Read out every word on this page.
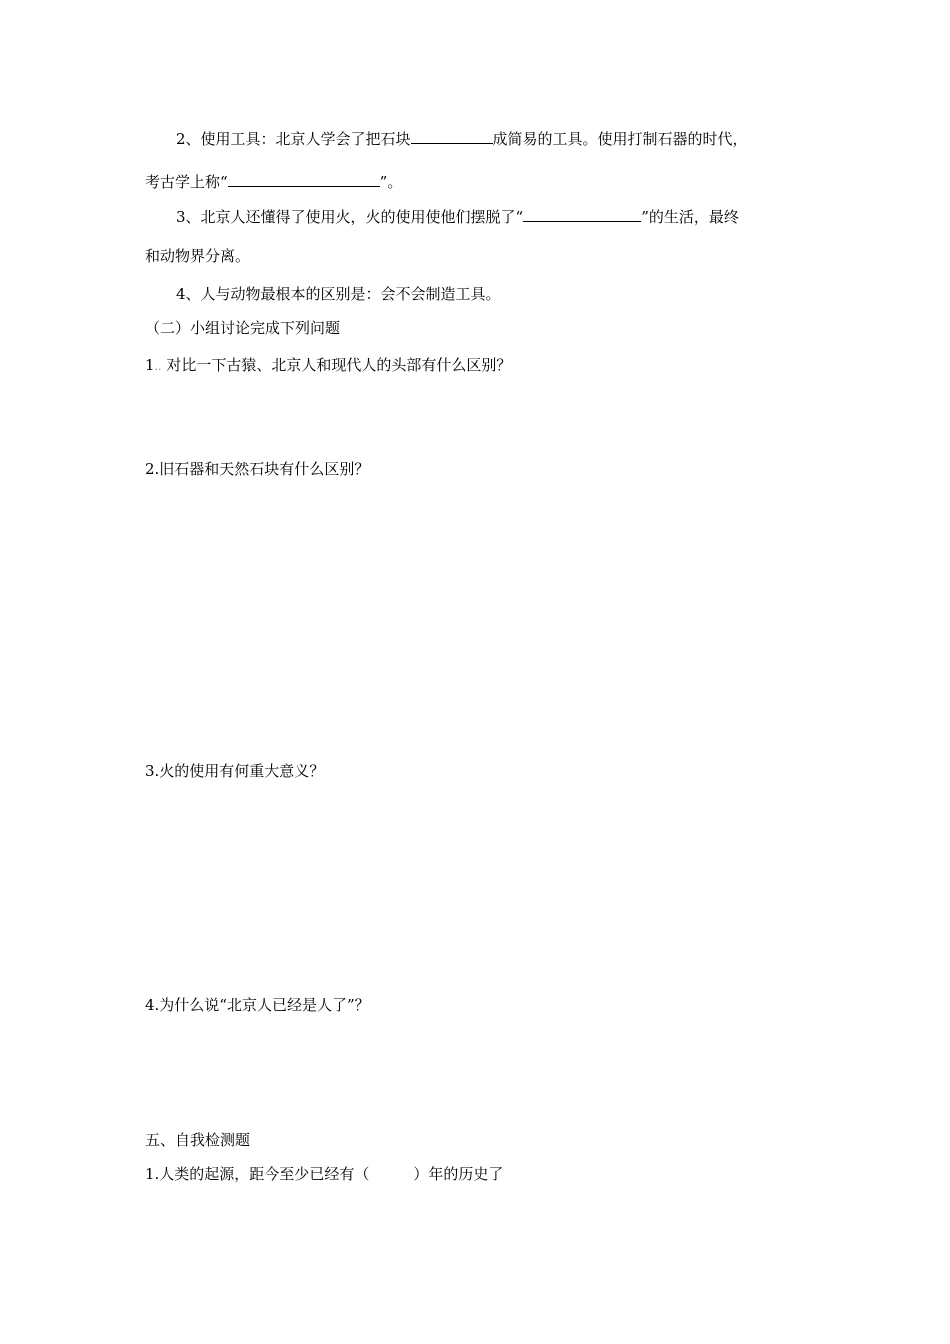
2、使用工具：北京人学会了把石块	成简易的工具。使用打制石器的时代，
考古学上称“	”。
3、北京人还懂得了使用火，火的使用使他们摆脱了“	”的生活，最终
和动物界分离。
4、人与动物最根本的区别是：会不会制造工具。
（二）小组讨论完成下列问题
1.. 对比一下古猿、北京人和现代人的头部有什么区别？
2.旧石器和天然石块有什么区别？
3.火的使用有何重大意义？
4.为什么说“北京人已经是人了”？
五、自我检测题
1.人类的起源，距今至少已经有（	）年的历史了
